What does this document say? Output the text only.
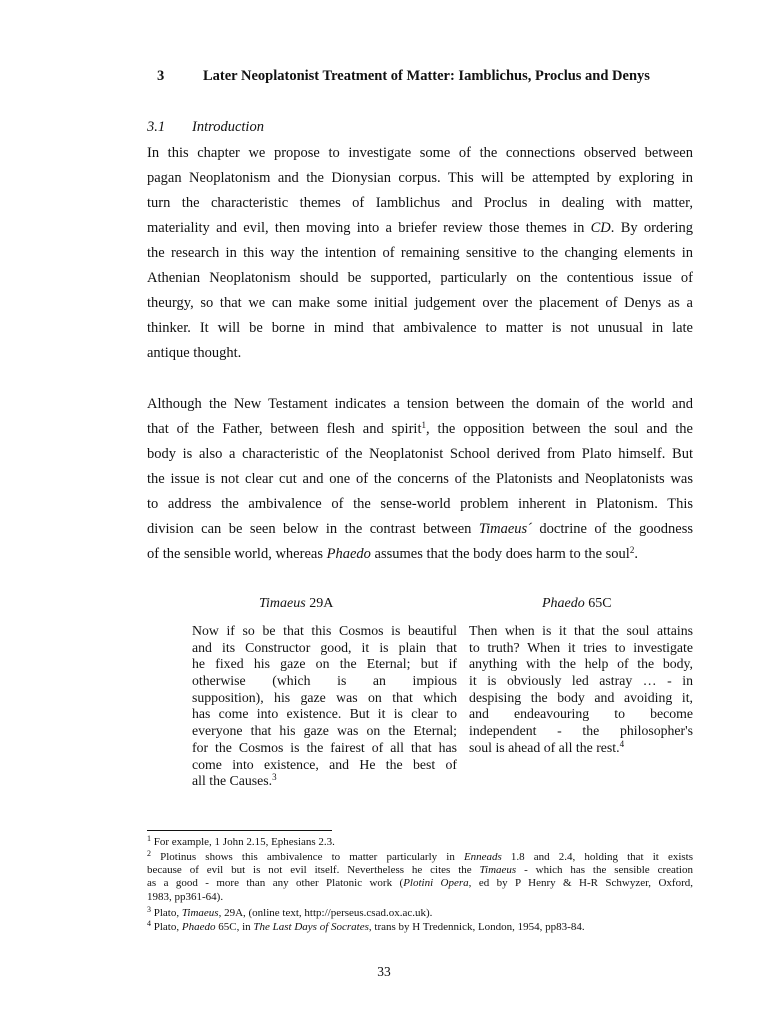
3	Later Neoplatonist Treatment of Matter: Iamblichus, Proclus and Denys
3.1 Introduction
In this chapter we propose to investigate some of the connections observed between
pagan Neoplatonism and the Dionysian corpus. This will be attempted by exploring in
turn the characteristic themes of Iamblichus and Proclus in dealing with matter,
materiality and evil, then moving into a briefer review those themes in CD. By ordering
the research in this way the intention of remaining sensitive to the changing elements in
Athenian Neoplatonism should be supported, particularly on the contentious issue of
theurgy, so that we can make some initial judgement over the placement of Denys as a
thinker. It will be borne in mind that ambivalence to matter is not unusual in late
antique thought.
Although the New Testament indicates a tension between the domain of the world and
that of the Father, between flesh and spirit$^1$, the opposition between the soul and the
body is also a characteristic of the Neoplatonist School derived from Plato himself. But
the issue is not clear cut and one of the concerns of the Platonists and Neoplatonists was
to address the ambivalence of the sense-world problem inherent in Platonism. This
division can be seen below in the contrast between Timaeus´ doctrine of the goodness
of the sensible world, whereas Phaedo assumes that the body does harm to the soul$^2$.
Timaeus 29A	Phaedo 65C
Now if so be that this Cosmos is beautiful
and its Constructor good, it is plain that
he fixed his gaze on the Eternal; but if
otherwise (which is an impious
supposition), his gaze was on that which
has come into existence. But it is clear to
everyone that his gaze was on the Eternal;
for the Cosmos is the fairest of all that has
come into existence, and He the best of
all the Causes.$^3$
Then when is it that the soul attains
to truth? When it tries to investigate
anything with the help of the body,
it is obviously led astray … - in
despising the body and avoiding it,
and endeavouring to become
independent - the philosopher's
soul is ahead of all the rest.$^4$
$^1$ For example, 1 John 2.15, Ephesians 2.3.
$^2$ Plotinus shows this ambivalence to matter particularly in Enneads 1.8 and 2.4, holding that it exists
because of evil but is not evil itself. Nevertheless he cites the Timaeus - which has the sensible creation
as a good - more than any other Platonic work (Plotini Opera, ed by P Henry & H-R Schwyzer, Oxford,
1983, pp361-64).
$^3$ Plato, Timaeus, 29A, (online text, http://perseus.csad.ox.ac.uk).
$^4$ Plato, Phaedo 65C, in The Last Days of Socrates, trans by H Tredennick, London, 1954, pp83-84.
33
